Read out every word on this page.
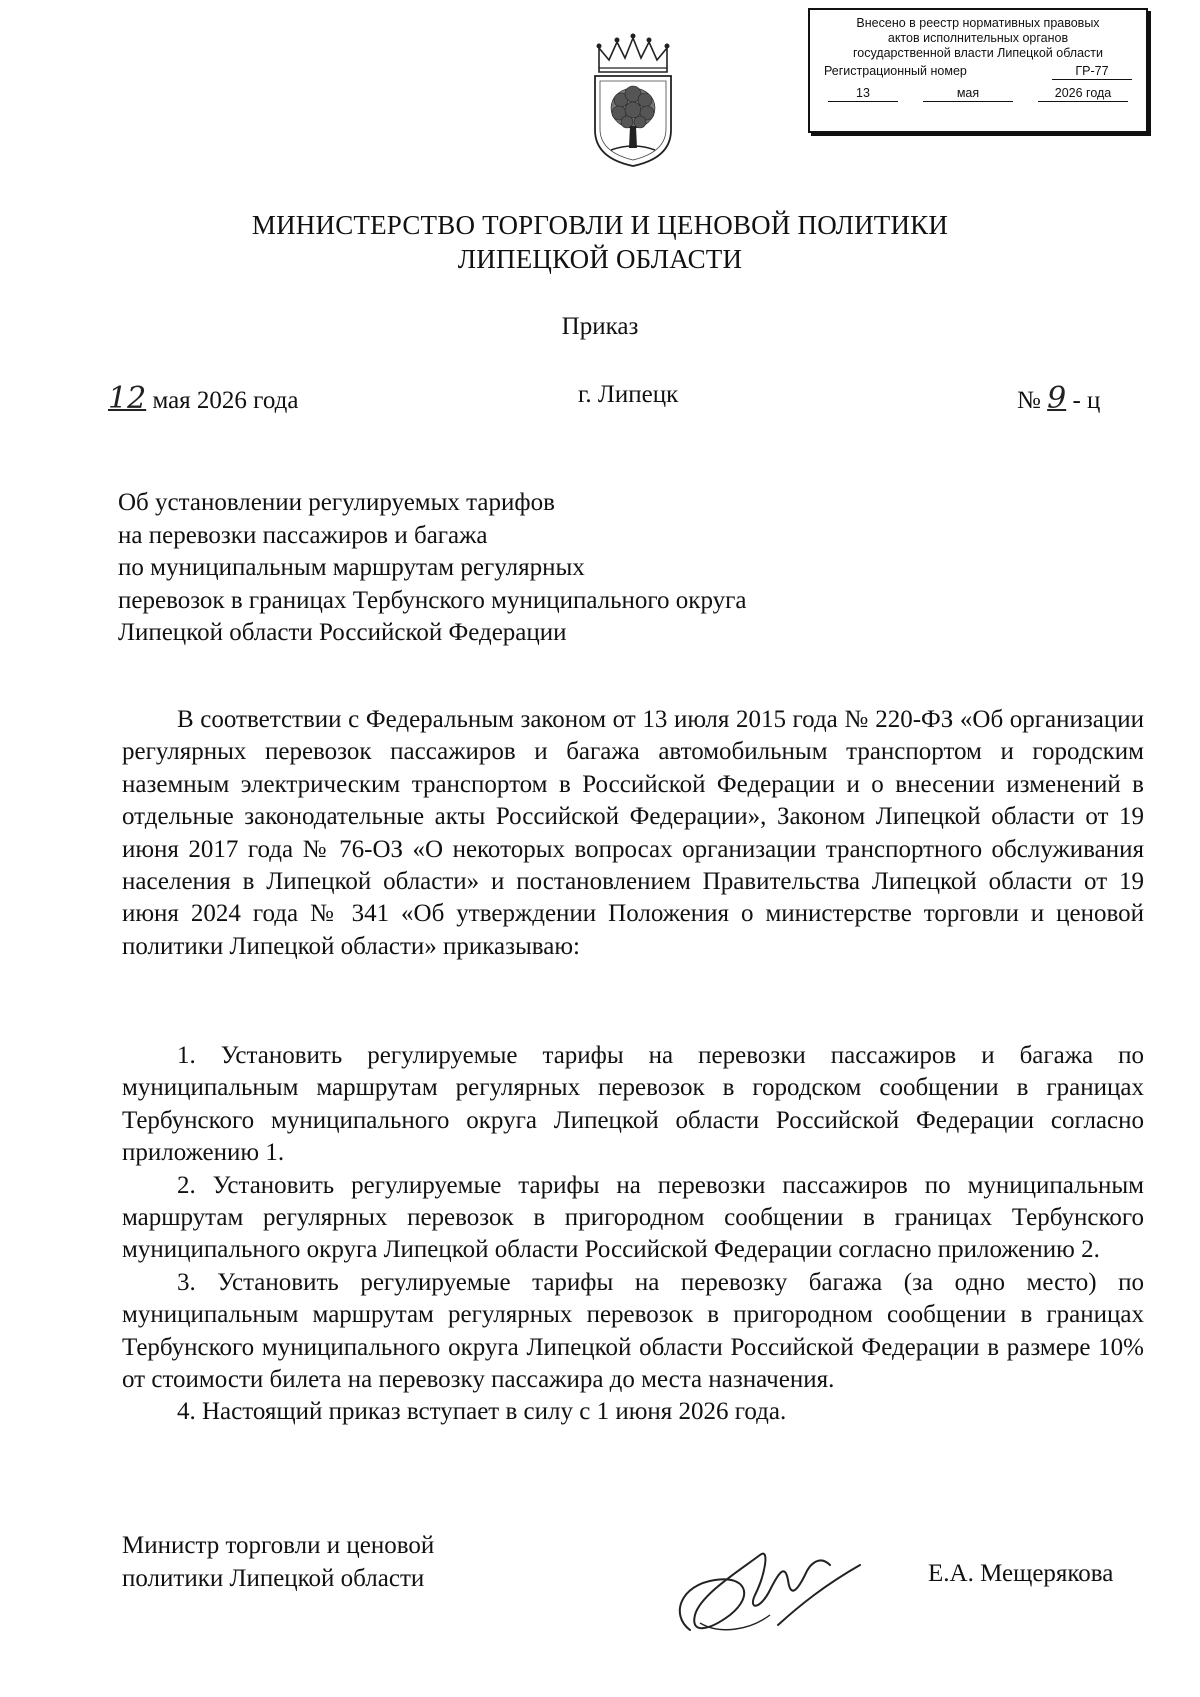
Внесено в реестр нормативных правовых
актов исполнительных органов
государственной власти Липецкой области
Регистрационный номер	ГР-77
13	мая	2026 года
МИНИСТЕРСТВО ТОРГОВЛИ И ЦЕНОВОЙ ПОЛИТИКИ
ЛИПЕЦКОЙ ОБЛАСТИ
Приказ
12 мая 2026 года	г. Липецк	№ 9 - ц
Об установлении регулируемых тарифов
на перевозки пассажиров и багажа
по муниципальным маршрутам регулярных
перевозок в границах Тербунского муниципального округа
Липецкой области Российской Федерации
В соответствии с Федеральным законом от 13 июля 2015 года № 220-ФЗ «Об организации регулярных перевозок пассажиров и багажа автомобильным транспортом и городским наземным электрическим транспортом в Российской Федерации и о внесении изменений в отдельные законодательные акты Российской Федерации», Законом Липецкой области от 19 июня 2017 года № 76-ОЗ «О некоторых вопросах организации транспортного обслуживания населения в Липецкой области» и постановлением Правительства Липецкой области от 19 июня 2024 года № 341 «Об утверждении Положения о министерстве торговли и ценовой политики Липецкой области» приказываю:

1. Установить регулируемые тарифы на перевозки пассажиров и багажа по муниципальным маршрутам регулярных перевозок в городском сообщении в границах Тербунского муниципального округа Липецкой области Российской Федерации согласно приложению 1.

2. Установить регулируемые тарифы на перевозки пассажиров по муниципальным маршрутам регулярных перевозок в пригородном сообщении в границах Тербунского муниципального округа Липецкой области Российской Федерации согласно приложению 2.

3. Установить регулируемые тарифы на перевозку багажа (за одно место) по муниципальным маршрутам регулярных перевозок в пригородном сообщении в границах Тербунского муниципального округа Липецкой области Российской Федерации в размере 10% от стоимости билета на перевозку пассажира до места назначения.

4. Настоящий приказ вступает в силу с 1 июня 2026 года.

Министр торговли и ценовой
политики Липецкой области	Е.А. Мещерякова
